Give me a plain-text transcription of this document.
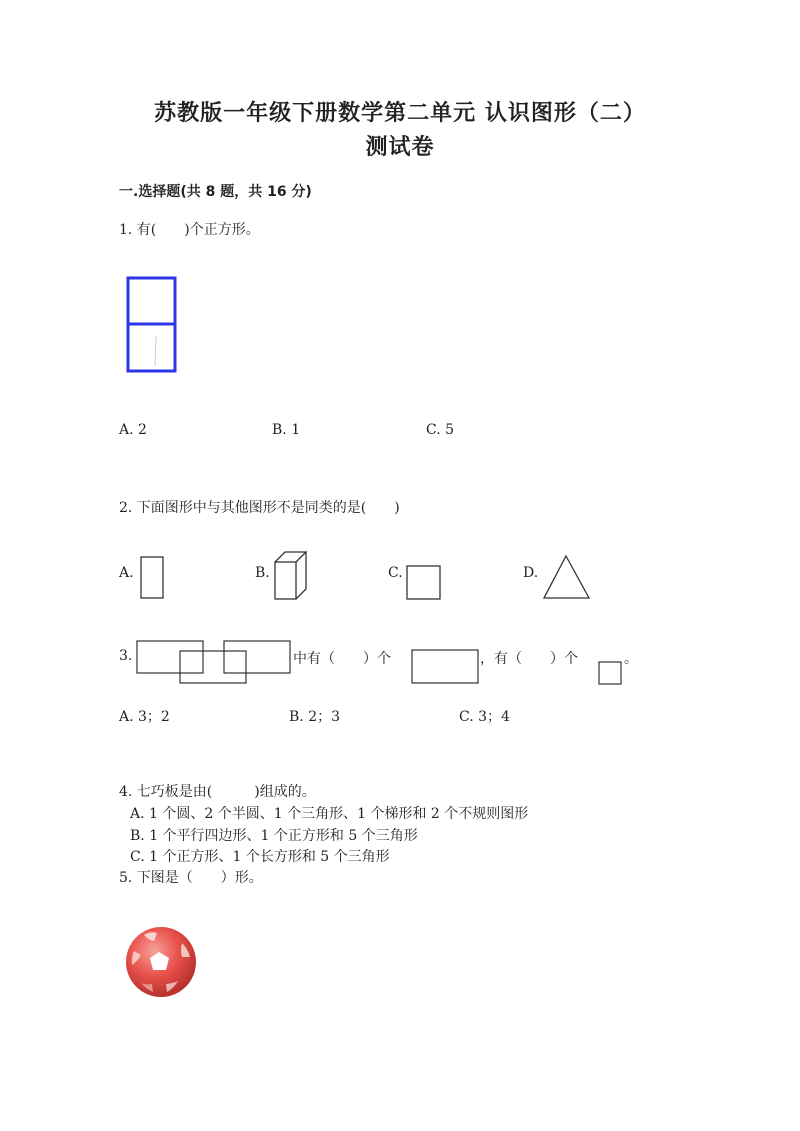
苏教版一年级下册数学第二单元 认识图形（二）
测试卷
一.选择题(共 8 题，共 16 分)
1. 有(　　)个正方形。
A. 2	B. 1	C. 5
2. 下面图形中与其他图形不是同类的是(　　)
A.	B.	C.	D.
3.	中有（　　）个	，有（　　）个	。
A. 3；2	B. 2；3	C. 3；4
4. 七巧板是由(　　　)组成的。
A. 1 个圆、2 个半圆、1 个三角形、1 个梯形和 2 个不规则图形
B. 1 个平行四边形、1 个正方形和 5 个三角形
C. 1 个正方形、1 个长方形和 5 个三角形
5. 下图是（　　）形。
